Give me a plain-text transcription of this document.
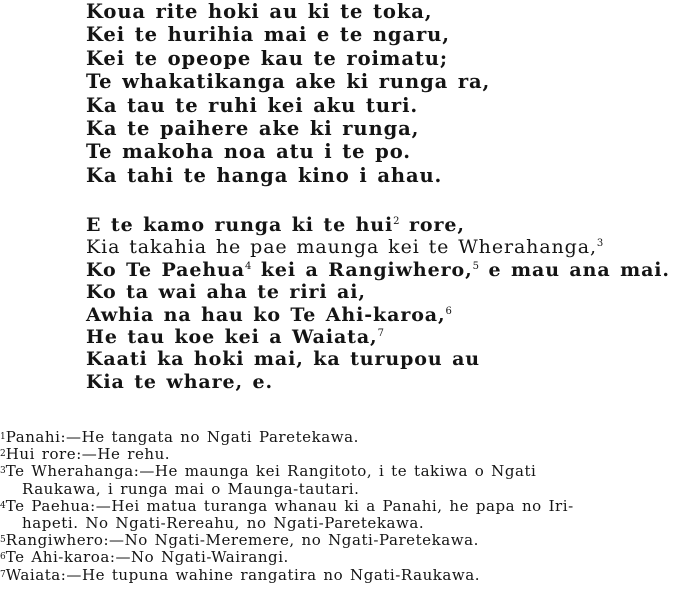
Koua rite hoki au ki te toka,
Kei te hurihia mai e te ngaru,
Kei te opeope kau te roimatu;
Te whakatikanga ake ki runga ra,
Ka tau te ruhi kei aku turi.
Ka te paihere ake ki runga,
Te makoha noa atu i te po.
Ka tahi te hanga kino i ahau.
E te kamo runga ki te hui$^2$ rore,
Kia takahia he pae maunga kei te Wherahanga,$^3$
Ko Te Paehua$^4$ kei a Rangiwhero,$^5$ e mau ana mai.
Ko ta wai aha te riri ai,
Awhia na hau ko Te Ahi-karoa,$^6$
He tau koe kei a Waiata,$^7$
Kaati ka hoki mai, ka turupou au
Kia te whare, e.
$^1$Panahi:—He tangata no Ngati Paretekawa.
$^2$Hui rore:—He rehu.
$^3$Te Wherahanga:—He maunga kei Rangitoto, i te takiwa o Ngati
Raukawa, i runga mai o Maunga-tautari.
$^4$Te Paehua:—Hei matua turanga whanau ki a Panahi, he papa no Iri-
hapeti. No Ngati-Rereahu, no Ngati-Paretekawa.
$^5$Rangiwhero:—No Ngati-Meremere, no Ngati-Paretekawa.
$^6$Te Ahi-karoa:—No Ngati-Wairangi.
$^7$Waiata:—He tupuna wahine rangatira no Ngati-Raukawa.
